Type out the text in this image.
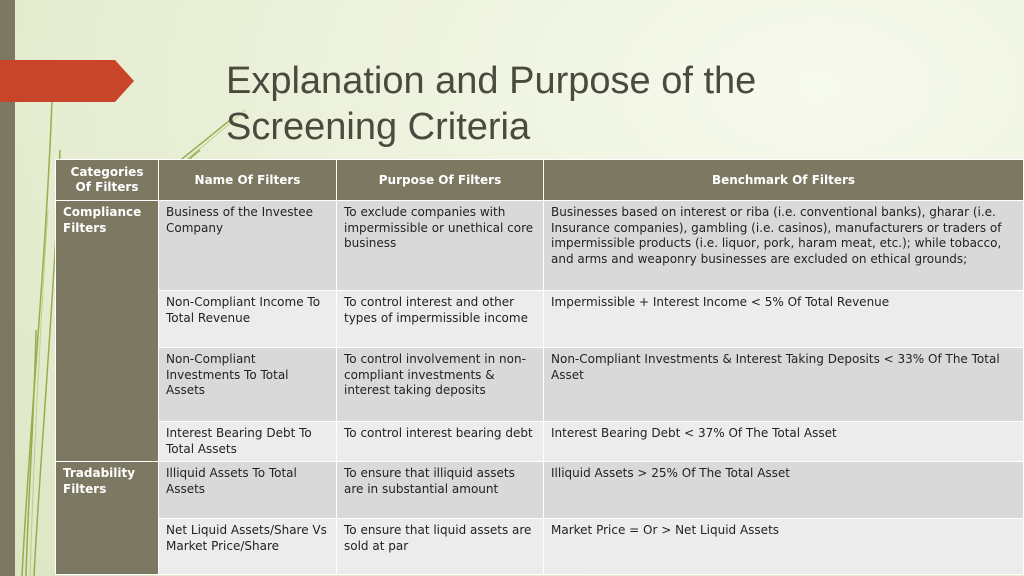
Explanation and Purpose of the
Screening Criteria
Categories Of Filters	Name Of Filters	Purpose Of Filters	Benchmark Of Filters
Compliance Filters	Business of the Investee Company	To exclude companies with impermissible or unethical core business	Businesses based on interest or riba (i.e. conventional banks), gharar (i.e. Insurance companies), gambling (i.e. casinos), manufacturers or traders of impermissible products (i.e. liquor, pork, haram meat, etc.); while tobacco, and arms and weaponry businesses are excluded on ethical grounds;
	Non-Compliant Income To Total Revenue	To control interest and other types of impermissible income	Impermissible + Interest Income < 5% Of Total Revenue
	Non-Compliant Investments To Total Assets	To control involvement in non-compliant investments & interest taking deposits	Non-Compliant Investments & Interest Taking Deposits < 33% Of The Total Asset
	Interest Bearing Debt To Total Assets	To control interest bearing debt	Interest Bearing Debt < 37% Of The Total Asset
Tradability Filters	Illiquid Assets To Total Assets	To ensure that illiquid assets are in substantial amount	Illiquid Assets > 25% Of The Total Asset
	Net Liquid Assets/Share Vs Market Price/Share	To ensure that liquid assets are sold at par	Market Price = Or > Net Liquid Assets
